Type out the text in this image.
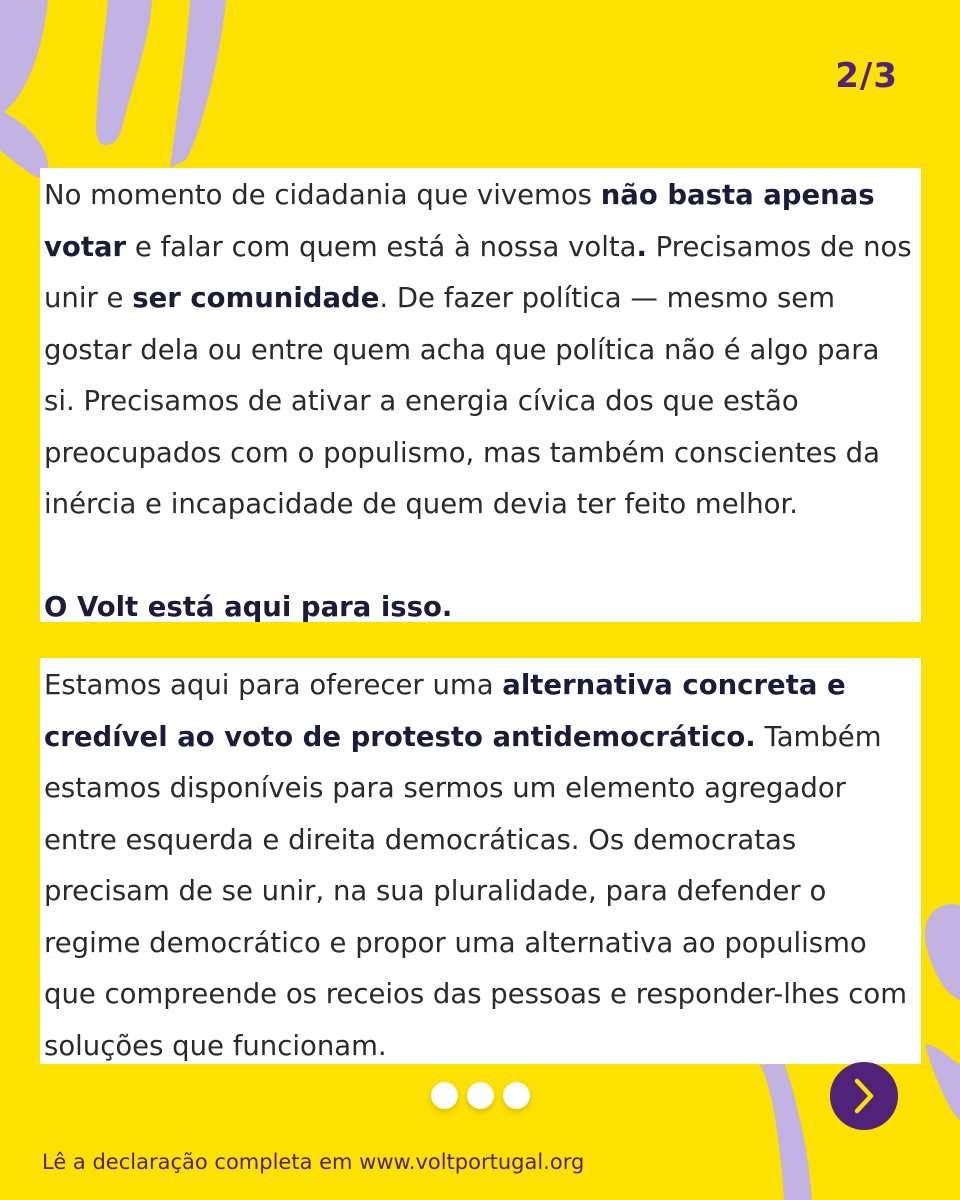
2/3
No momento de cidadania que vivemos não basta apenas votar e falar com quem está à nossa volta. Precisamos de nos unir e ser comunidade. De fazer política — mesmo sem gostar dela ou entre quem acha que política não é algo para si. Precisamos de ativar a energia cívica dos que estão preocupados com o populismo, mas também conscientes da inércia e incapacidade de quem devia ter feito melhor.
O Volt está aqui para isso.
Estamos aqui para oferecer uma alternativa concreta e credível ao voto de protesto antidemocrático. Também estamos disponíveis para sermos um elemento agregador entre esquerda e direita democráticas. Os democratas precisam de se unir, na sua pluralidade, para defender o regime democrático e propor uma alternativa ao populismo que compreende os receios das pessoas e responder-lhes com soluções que funcionam.
Lê a declaração completa em www.voltportugal.org
